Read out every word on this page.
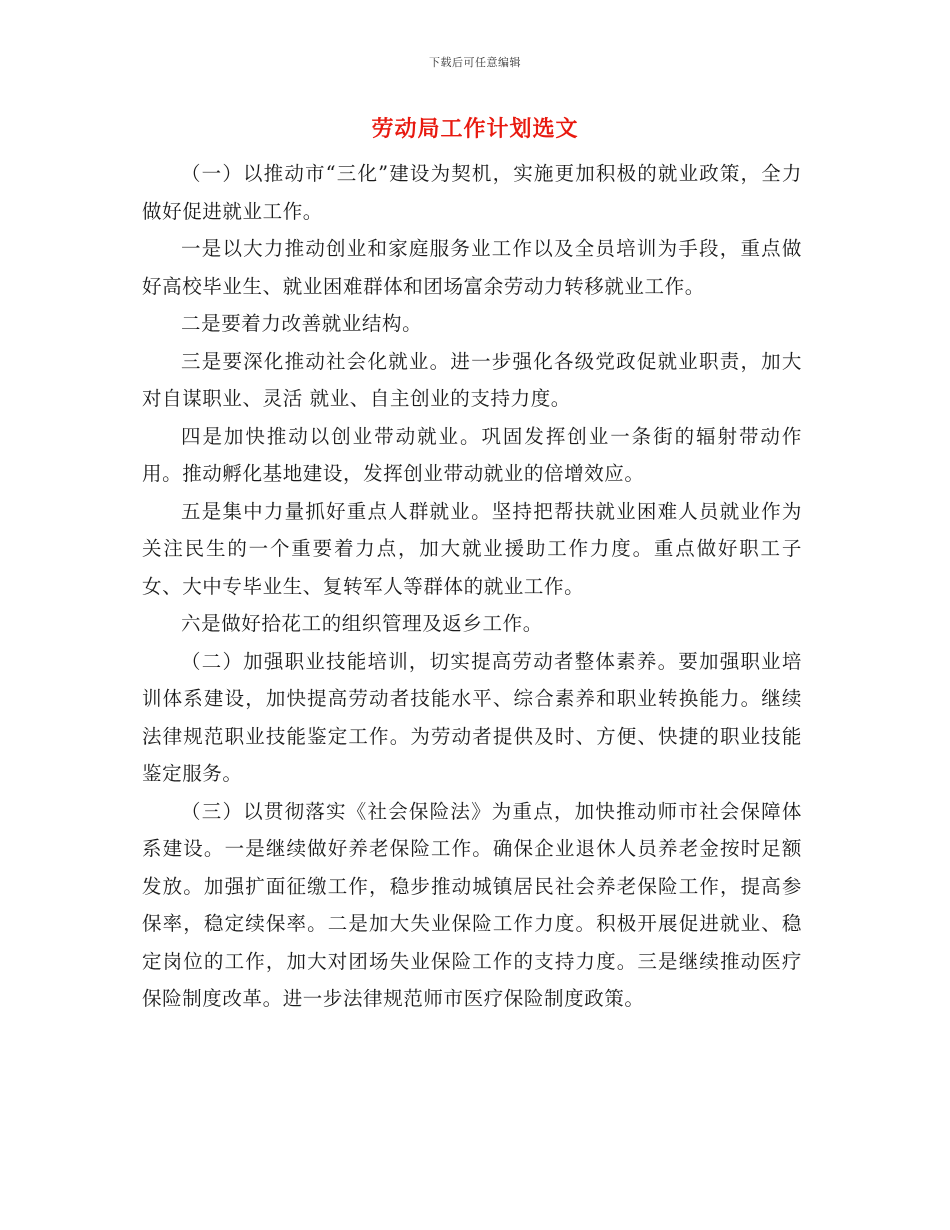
下载后可任意编辑
劳动局工作计划选文

（一）以推动市“三化”建设为契机，实施更加积极的就业政策，全力做好促进就业工作。

一是以大力推动创业和家庭服务业工作以及全员培训为手段，重点做好高校毕业生、就业困难群体和团场富余劳动力转移就业工作。

二是要着力改善就业结构。

三是要深化推动社会化就业。进一步强化各级党政促就业职责，加大对自谋职业、灵活 就业、自主创业的支持力度。

四是加快推动以创业带动就业。巩固发挥创业一条街的辐射带动作用。推动孵化基地建设，发挥创业带动就业的倍增效应。

五是集中力量抓好重点人群就业。坚持把帮扶就业困难人员就业作为关注民生的一个重要着力点，加大就业援助工作力度。重点做好职工子女、大中专毕业生、复转军人等群体的就业工作。

六是做好拾花工的组织管理及返乡工作。

（二）加强职业技能培训，切实提高劳动者整体素养。要加强职业培训体系建设，加快提高劳动者技能水平、综合素养和职业转换能力。继续法律规范职业技能鉴定工作。为劳动者提供及时、方便、快捷的职业技能鉴定服务。

（三）以贯彻落实《社会保险法》为重点，加快推动师市社会保障体系建设。一是继续做好养老保险工作。确保企业退休人员养老金按时足额发放。加强扩面征缴工作，稳步推动城镇居民社会养老保险工作，提高参保率，稳定续保率。二是加大失业保险工作力度。积极开展促进就业、稳定岗位的工作，加大对团场失业保险工作的支持力度。三是继续推动医疗保险制度改革。进一步法律规范师市医疗保险制度政策。
